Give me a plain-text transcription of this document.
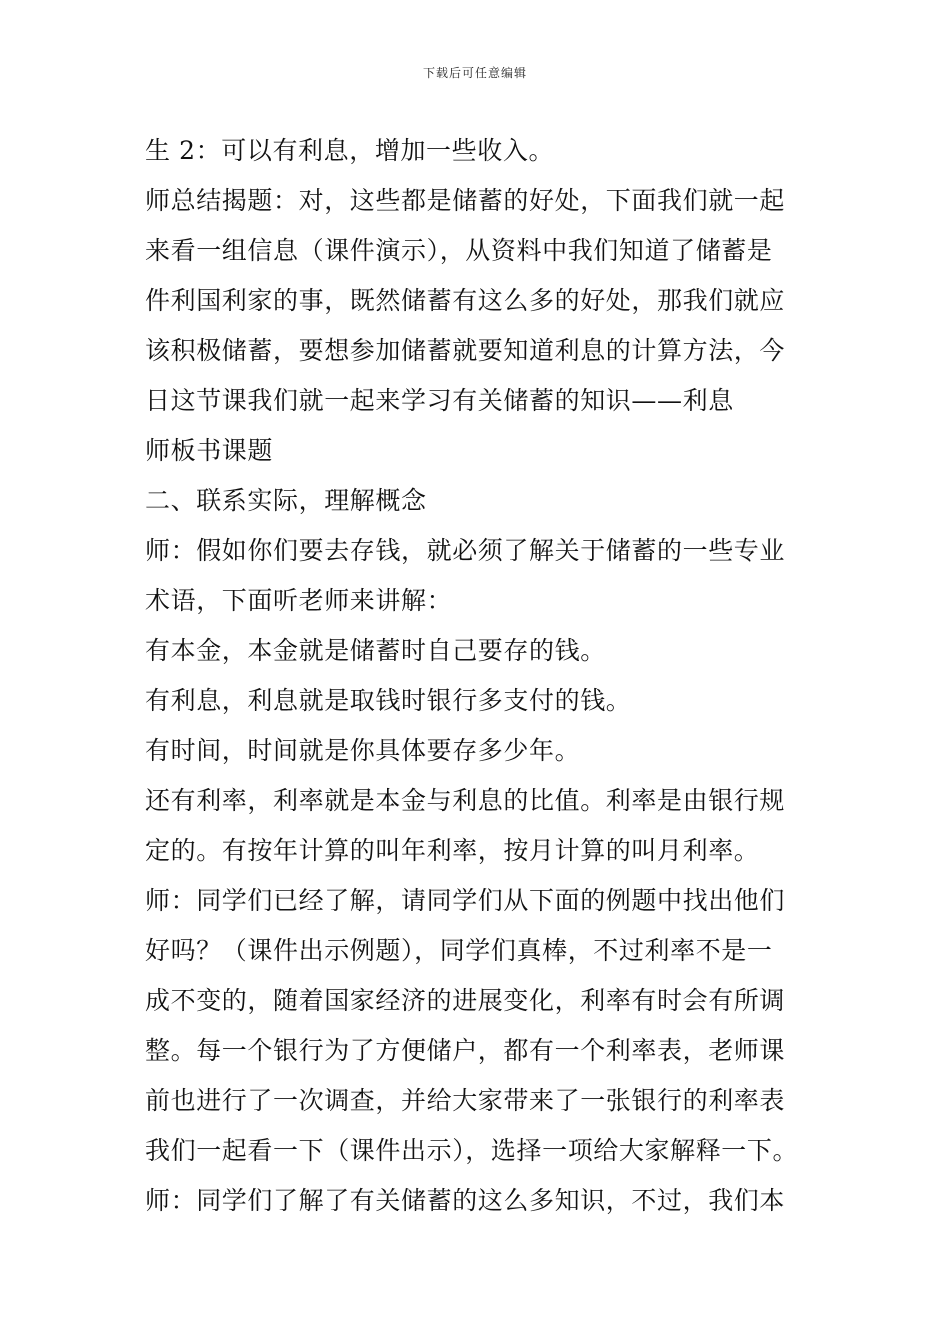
下载后可任意编辑
生 2：可以有利息，增加一些收入。
师总结揭题：对，这些都是储蓄的好处，下面我们就一起
来看一组信息（课件演示），从资料中我们知道了储蓄是
件利国利家的事，既然储蓄有这么多的好处，那我们就应
该积极储蓄，要想参加储蓄就要知道利息的计算方法，今
日这节课我们就一起来学习有关储蓄的知识——利息
师板书课题
二、联系实际，理解概念
师：假如你们要去存钱，就必须了解关于储蓄的一些专业
术语，下面听老师来讲解：
有本金，本金就是储蓄时自己要存的钱。
有利息，利息就是取钱时银行多支付的钱。
有时间，时间就是你具体要存多少年。
还有利率，利率就是本金与利息的比值。利率是由银行规
定的。有按年计算的叫年利率，按月计算的叫月利率。
师：同学们已经了解，请同学们从下面的例题中找出他们
好吗？（课件出示例题），同学们真棒，不过利率不是一
成不变的，随着国家经济的进展变化，利率有时会有所调
整。每一个银行为了方便储户，都有一个利率表，老师课
前也进行了一次调查，并给大家带来了一张银行的利率表
我们一起看一下（课件出示），选择一项给大家解释一下。
师：同学们了解了有关储蓄的这么多知识，不过，我们本
